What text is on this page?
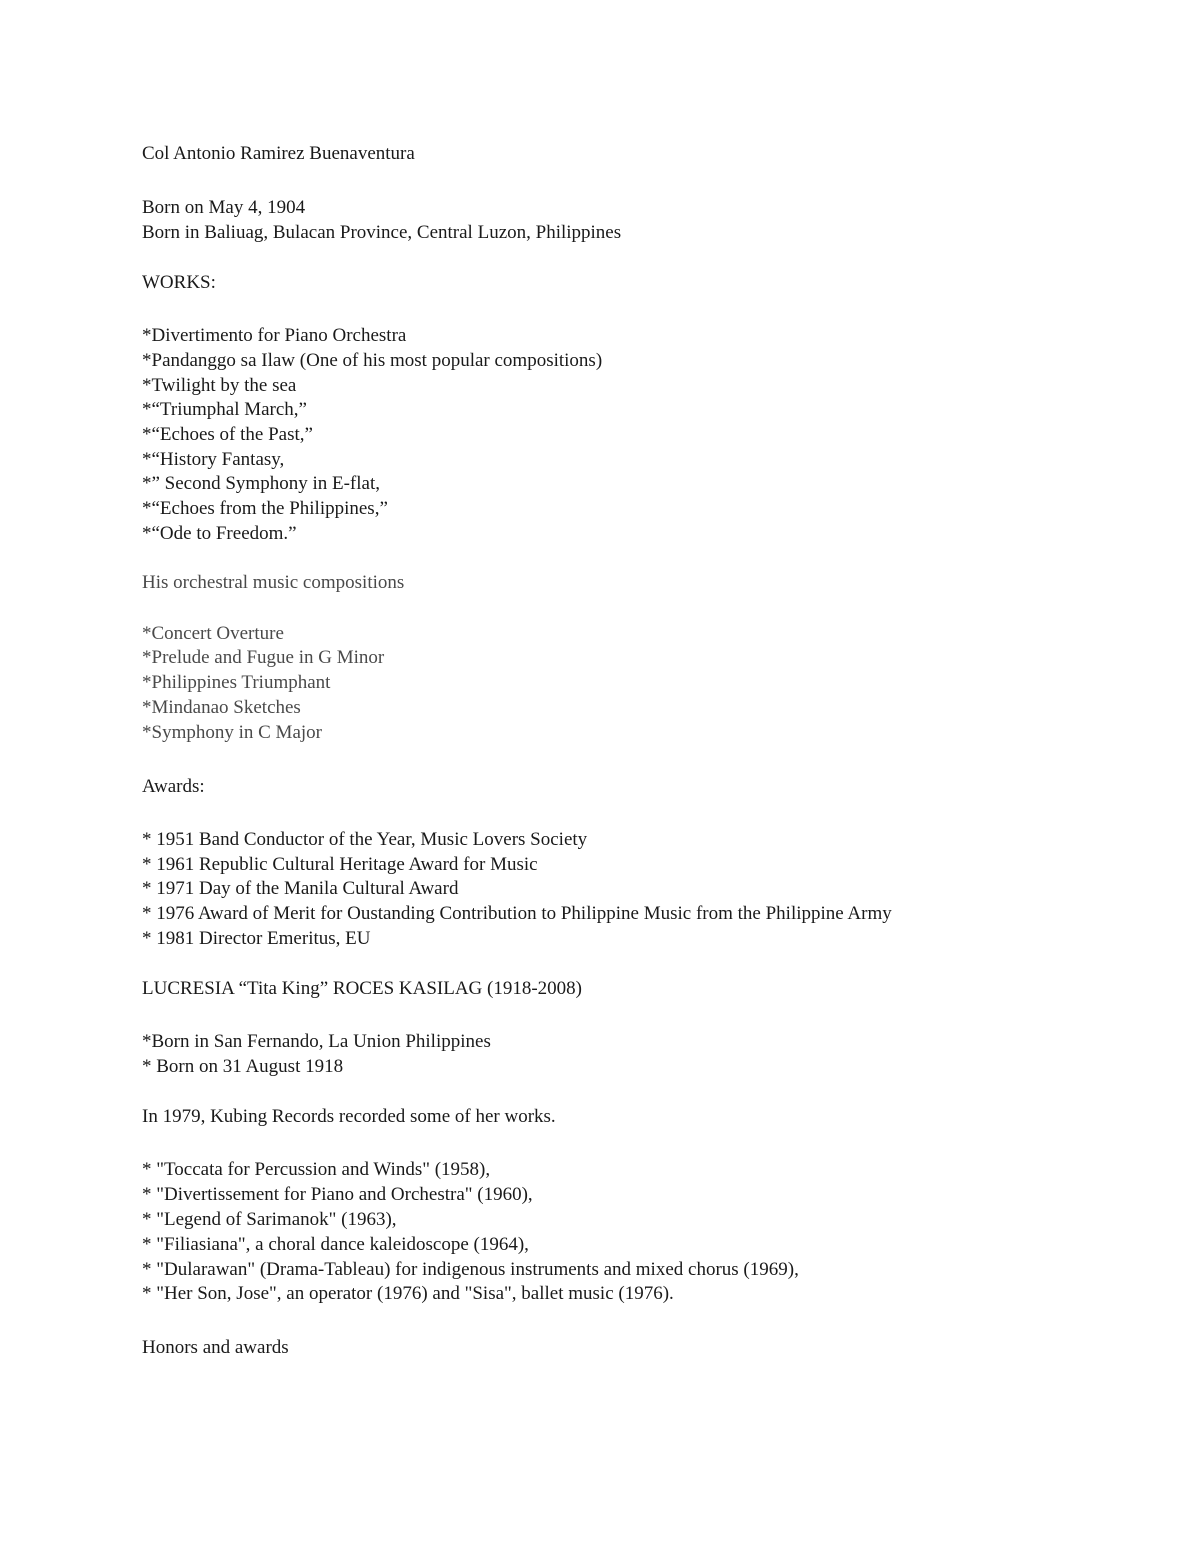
Col Antonio Ramirez Buenaventura
Born on May 4, 1904
Born in Baliuag, Bulacan Province, Central Luzon, Philippines
WORKS:
*Divertimento for Piano Orchestra
*Pandanggo sa Ilaw (One of his most popular compositions)
*Twilight by the sea
*“Triumphal March,”
*“Echoes of the Past,”
*“History Fantasy,
*” Second Symphony in E-flat,
*“Echoes from the Philippines,”
*“Ode to Freedom.”
His orchestral music compositions
*Concert Overture
*Prelude and Fugue in G Minor
*Philippines Triumphant
*Mindanao Sketches
*Symphony in C Major
Awards:
* 1951 Band Conductor of the Year, Music Lovers Society
* 1961 Republic Cultural Heritage Award for Music
* 1971 Day of the Manila Cultural Award
* 1976 Award of Merit for Oustanding Contribution to Philippine Music from the Philippine Army
* 1981 Director Emeritus, EU
LUCRESIA “Tita King” ROCES KASILAG (1918-2008)
*Born in San Fernando, La Union Philippines
* Born on 31 August 1918
In 1979, Kubing Records recorded some of her works.
* "Toccata for Percussion and Winds" (1958),
* "Divertissement for Piano and Orchestra" (1960),
* "Legend of Sarimanok" (1963),
* "Filiasiana", a choral dance kaleidoscope (1964),
* "Dularawan" (Drama-Tableau) for indigenous instruments and mixed chorus (1969),
* "Her Son, Jose", an operator (1976) and "Sisa", ballet music (1976).
Honors and awards
